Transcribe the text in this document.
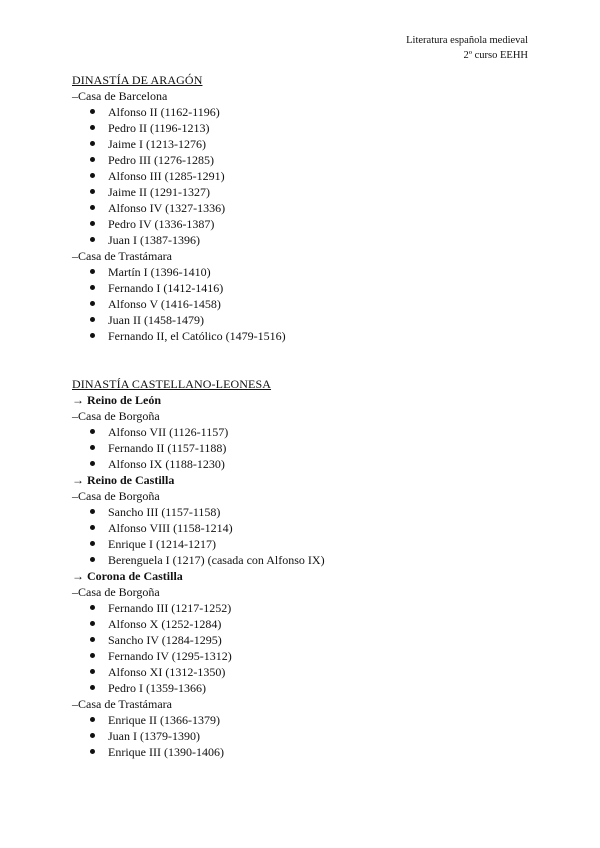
Literatura española medieval
2º curso EEHH
DINASTÍA DE ARAGÓN
–Casa de Barcelona
Alfonso II (1162-1196)
Pedro II (1196-1213)
Jaime I (1213-1276)
Pedro III (1276-1285)
Alfonso III (1285-1291)
Jaime II (1291-1327)
Alfonso IV (1327-1336)
Pedro IV (1336-1387)
Juan I (1387-1396)
–Casa de Trastámara
Martín I (1396-1410)
Fernando I (1412-1416)
Alfonso V (1416-1458)
Juan II (1458-1479)
Fernando II, el Católico (1479-1516)
DINASTÍA CASTELLANO-LEONESA
→ Reino de León
–Casa de Borgoña
Alfonso VII (1126-1157)
Fernando II (1157-1188)
Alfonso IX (1188-1230)
→ Reino de Castilla
–Casa de Borgoña
Sancho III (1157-1158)
Alfonso VIII (1158-1214)
Enrique I (1214-1217)
Berenguela I (1217) (casada con Alfonso IX)
→ Corona de Castilla
–Casa de Borgoña
Fernando III (1217-1252)
Alfonso X (1252-1284)
Sancho IV (1284-1295)
Fernando IV (1295-1312)
Alfonso XI (1312-1350)
Pedro I (1359-1366)
–Casa de Trastámara
Enrique II (1366-1379)
Juan I (1379-1390)
Enrique III (1390-1406)
